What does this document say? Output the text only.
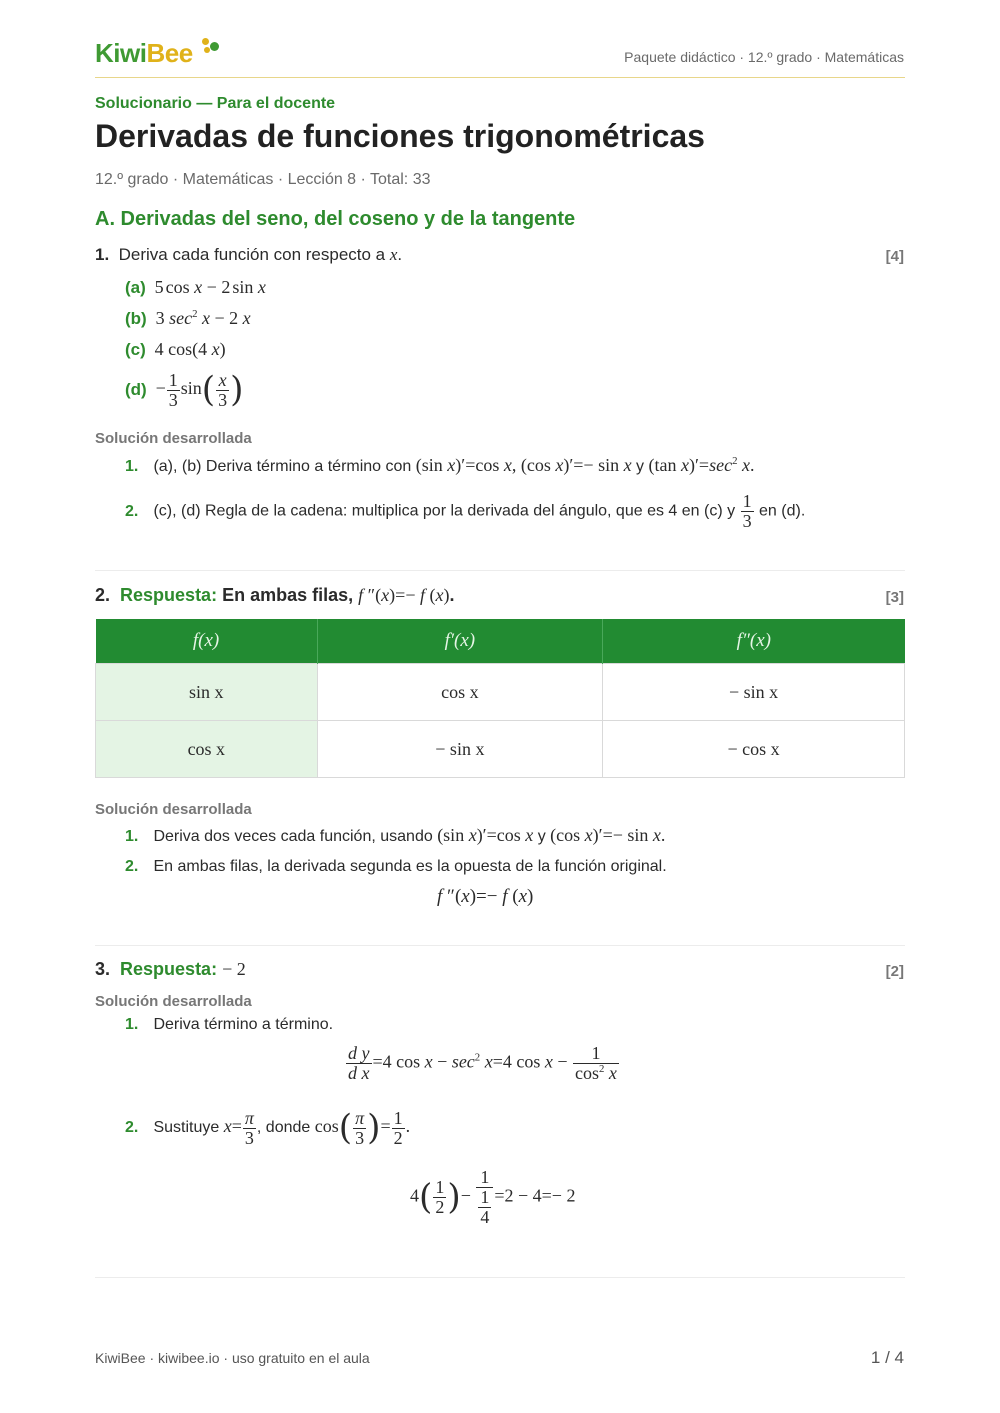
KiwiBee	Paquete didáctico · 12.º grado · Matemáticas
Solucionario — Para el docente
Derivadas de funciones trigonométricas
12.º grado · Matemáticas · Lección 8 · Total: 33
A. Derivadas del seno, del coseno y de la tangente
1. Deriva cada función con respecto a x.	[4]
(a) 5 cos x − 2 sin x
(b) 3 $\sec^2 x - 2$ x
(c) 4 cos(4 x)
$(d) - \frac{1}{3} \sin( \frac{x}{3}$ )
Solución desarrollada
1. (a), (b) Deriva término a término con (sin x)′=cos x, (cos x)′=− sin x y (tan $x)'=\sec^2$ x.
2. (c), (d) Regla de la cadena: multiplica por la derivada del ángulo, que es 4 en (c) y $\frac{1}{3}$ en (d).
2. Respuesta: En ambas filas, f ″(x)=− f (x).	[3]
f(x)	f′(x)	f″(x)
sin x	cos x	− sin x
cos x	− sin x	− cos x
Solución desarrollada
1. Deriva dos veces cada función, usando (sin x)′=cos x y (cos x)′=− sin x.
2. En ambas filas, la derivada segunda es la opuesta de la función original.
f ″(x)=− f (x)
3. Respuesta: − 2	[2]
Solución desarrollada
1. Deriva término a término.
$\frac{\text{d y}}{\text{d x}} =4$ $\cos x - \sec^2 x=4$ $\cos x - \frac{1}{\cos^2 x}$
2. Sustituye $x= \frac{\pi}{3}$ , donde $\cos( \frac{\pi}{3}$ )= $\frac{1}{2}$ .
$4( \frac{1}{2}$ )− $\frac{1}{\frac{1}{4}} =2 - 4=- 2$
KiwiBee · kiwibee.io · uso gratuito en el aula	1 / 4
